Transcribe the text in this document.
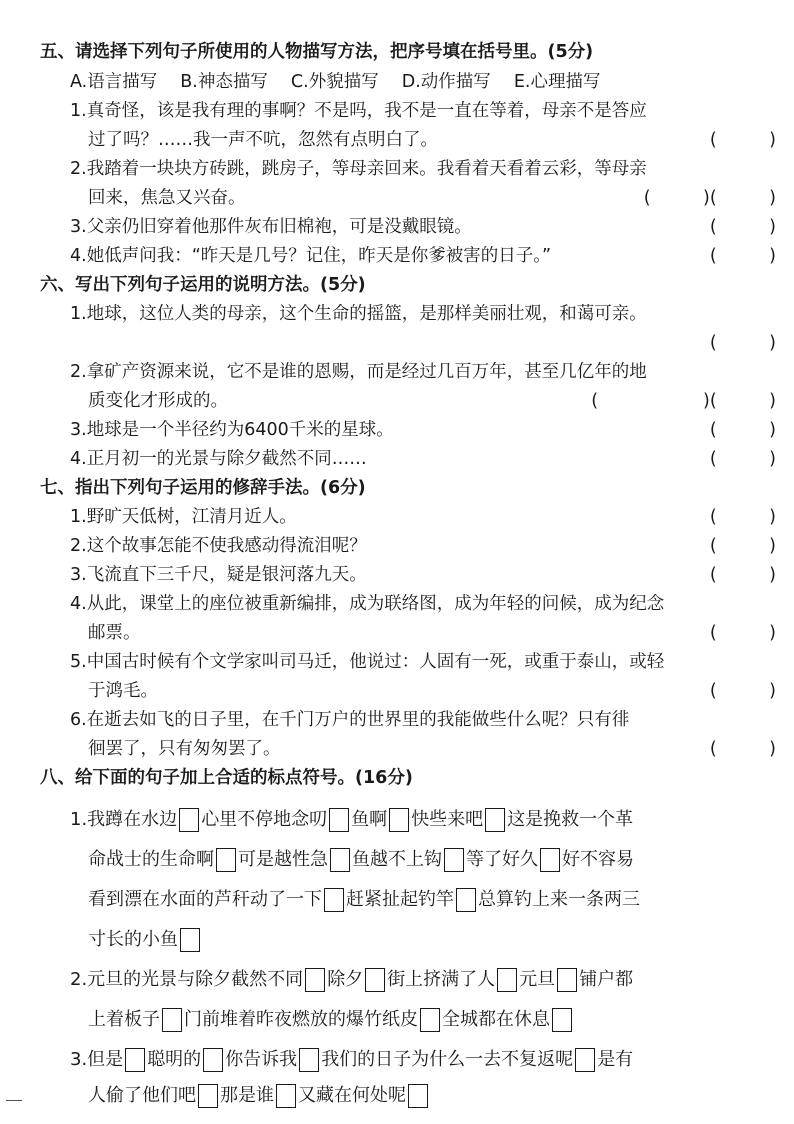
五、请选择下列句子所使用的人物描写方法，把序号填在括号里。(5分)
A.语言描写　 B.神态描写　 C.外貌描写　 D.动作描写　 E.心理描写
1.真奇怪，该是我有理的事啊？不是吗，我不是一直在等着，母亲不是答应
过了吗？……我一声不吭，忽然有点明白了。	(　　　)
2.我踏着一块块方砖跳，跳房子，等母亲回来。我看着天看着云彩，等母亲
回来，焦急又兴奋。	(　　　)(　　　)
3.父亲仍旧穿着他那件灰布旧棉袍，可是没戴眼镜。	(　　　)
4.她低声问我：“昨天是几号？记住，昨天是你爹被害的日子。”	(　　　)
六、写出下列句子运用的说明方法。(5分)
1.地球，这位人类的母亲，这个生命的摇篮，是那样美丽壮观，和蔼可亲。
(　　　)
2.拿矿产资源来说，它不是谁的恩赐，而是经过几百万年，甚至几亿年的地
质变化才形成的。	(　　　　　　)(　　　)
3.地球是一个半径约为6400千米的星球。	(　　　)
4.正月初一的光景与除夕截然不同……	(　　　)
七、指出下列句子运用的修辞手法。(6分)
1.野旷天低树，江清月近人。	(　　　)
2.这个故事怎能不使我感动得流泪呢？	(　　　)
3.飞流直下三千尺，疑是银河落九天。	(　　　)
4.从此，课堂上的座位被重新编排，成为联络图，成为年轻的问候，成为纪念
邮票。	(　　　)
5.中国古时候有个文学家叫司马迁，他说过：人固有一死，或重于泰山，或轻
于鸿毛。	(　　　)
6.在逝去如飞的日子里，在千门万户的世界里的我能做些什么呢？只有徘
徊罢了，只有匆匆罢了。	(　　　)
八、给下面的句子加上合适的标点符号。(16分)
1.我蹲在水边 心里不停地念叨 鱼啊 快些来吧 这是挽救一个革
命战士的生命啊 可是越性急 鱼越不上钩 等了好久 好不容易
看到漂在水面的芦秆动了一下 赶紧扯起钓竿 总算钓上来一条两三
寸长的小鱼
2.元旦的光景与除夕截然不同 除夕 街上挤满了人 元旦 铺户都
上着板子 门前堆着昨夜燃放的爆竹纸皮 全城都在休息
3.但是 聪明的 你告诉我 我们的日子为什么一去不复返呢 是有
人偷了他们吧 那是谁 又藏在何处呢
